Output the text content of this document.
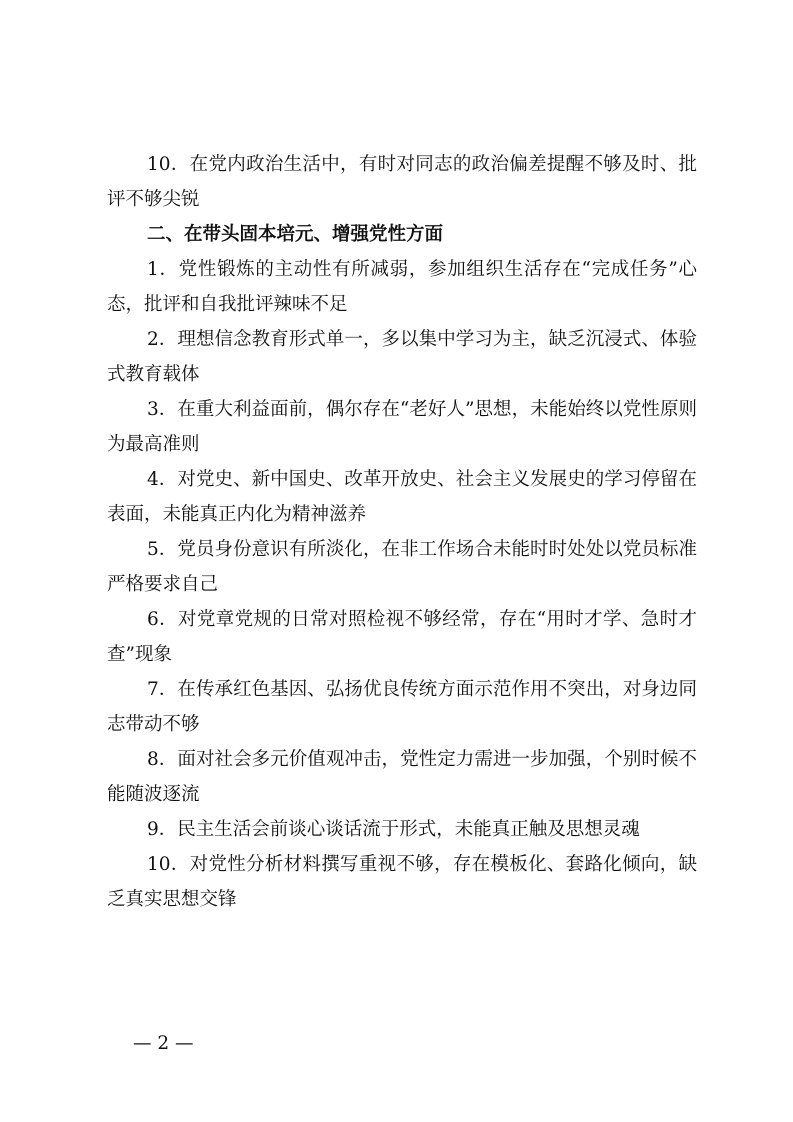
10．在党内政治生活中，有时对同志的政治偏差提醒不够及时、批评不够尖锐

二、在带头固本培元、增强党性方面

1．党性锻炼的主动性有所减弱，参加组织生活存在“完成任务”心态，批评和自我批评辣味不足

2．理想信念教育形式单一，多以集中学习为主，缺乏沉浸式、体验式教育载体

3．在重大利益面前，偶尔存在“老好人”思想，未能始终以党性原则为最高准则

4．对党史、新中国史、改革开放史、社会主义发展史的学习停留在表面，未能真正内化为精神滋养

5．党员身份意识有所淡化，在非工作场合未能时时处处以党员标准严格要求自己

6．对党章党规的日常对照检视不够经常，存在“用时才学、急时才查”现象

7．在传承红色基因、弘扬优良传统方面示范作用不突出，对身边同志带动不够

8．面对社会多元价值观冲击，党性定力需进一步加强，个别时候不能随波逐流

9．民主生活会前谈心谈话流于形式，未能真正触及思想灵魂

10．对党性分析材料撰写重视不够，存在模板化、套路化倾向，缺乏真实思想交锋

— 2 —
